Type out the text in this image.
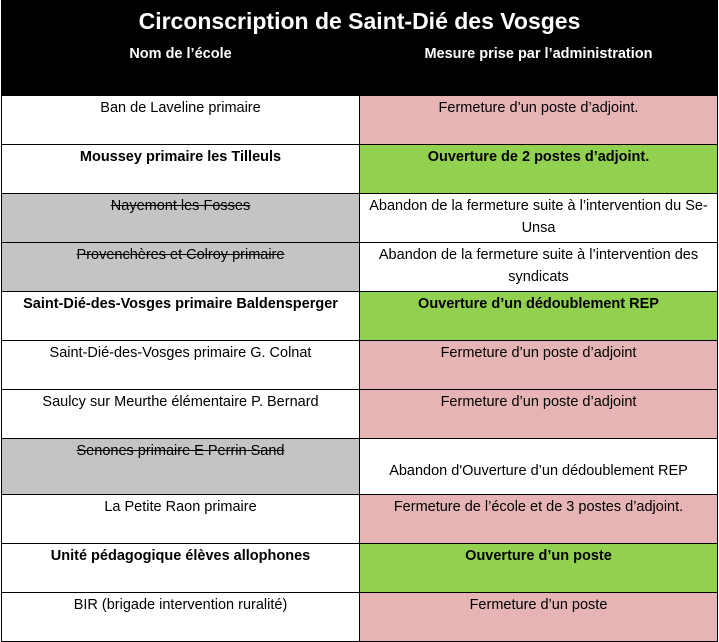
Circonscription de Saint-Dié des Vosges	
Nom de l’école	Mesure prise par l’administration
Ban de Laveline primaire	Fermeture d’un poste d’adjoint.
Moussey primaire les Tilleuls	Ouverture de 2 postes d’adjoint.
Nayemont les Fosses	Abandon de la fermeture suite à l’intervention du Se-Unsa
Provenchères et Colroy primaire	Abandon de la fermeture suite à l’intervention des syndicats
Saint-Dié-des-Vosges primaire Baldensperger	Ouverture d’un dédoublement REP
Saint-Dié-des-Vosges primaire G. Colnat	Fermeture d’un poste d’adjoint
Saulcy sur Meurthe élémentaire P. Bernard	Fermeture d’un poste d’adjoint
Senones primaire E Perrin Sand	Abandon d'Ouverture d’un dédoublement REP
La Petite Raon primaire	Fermeture de l’école et de 3 postes d’adjoint.
Unité pédagogique élèves allophones	Ouverture d’un poste
BIR (brigade intervention ruralité)	Fermeture d’un poste
